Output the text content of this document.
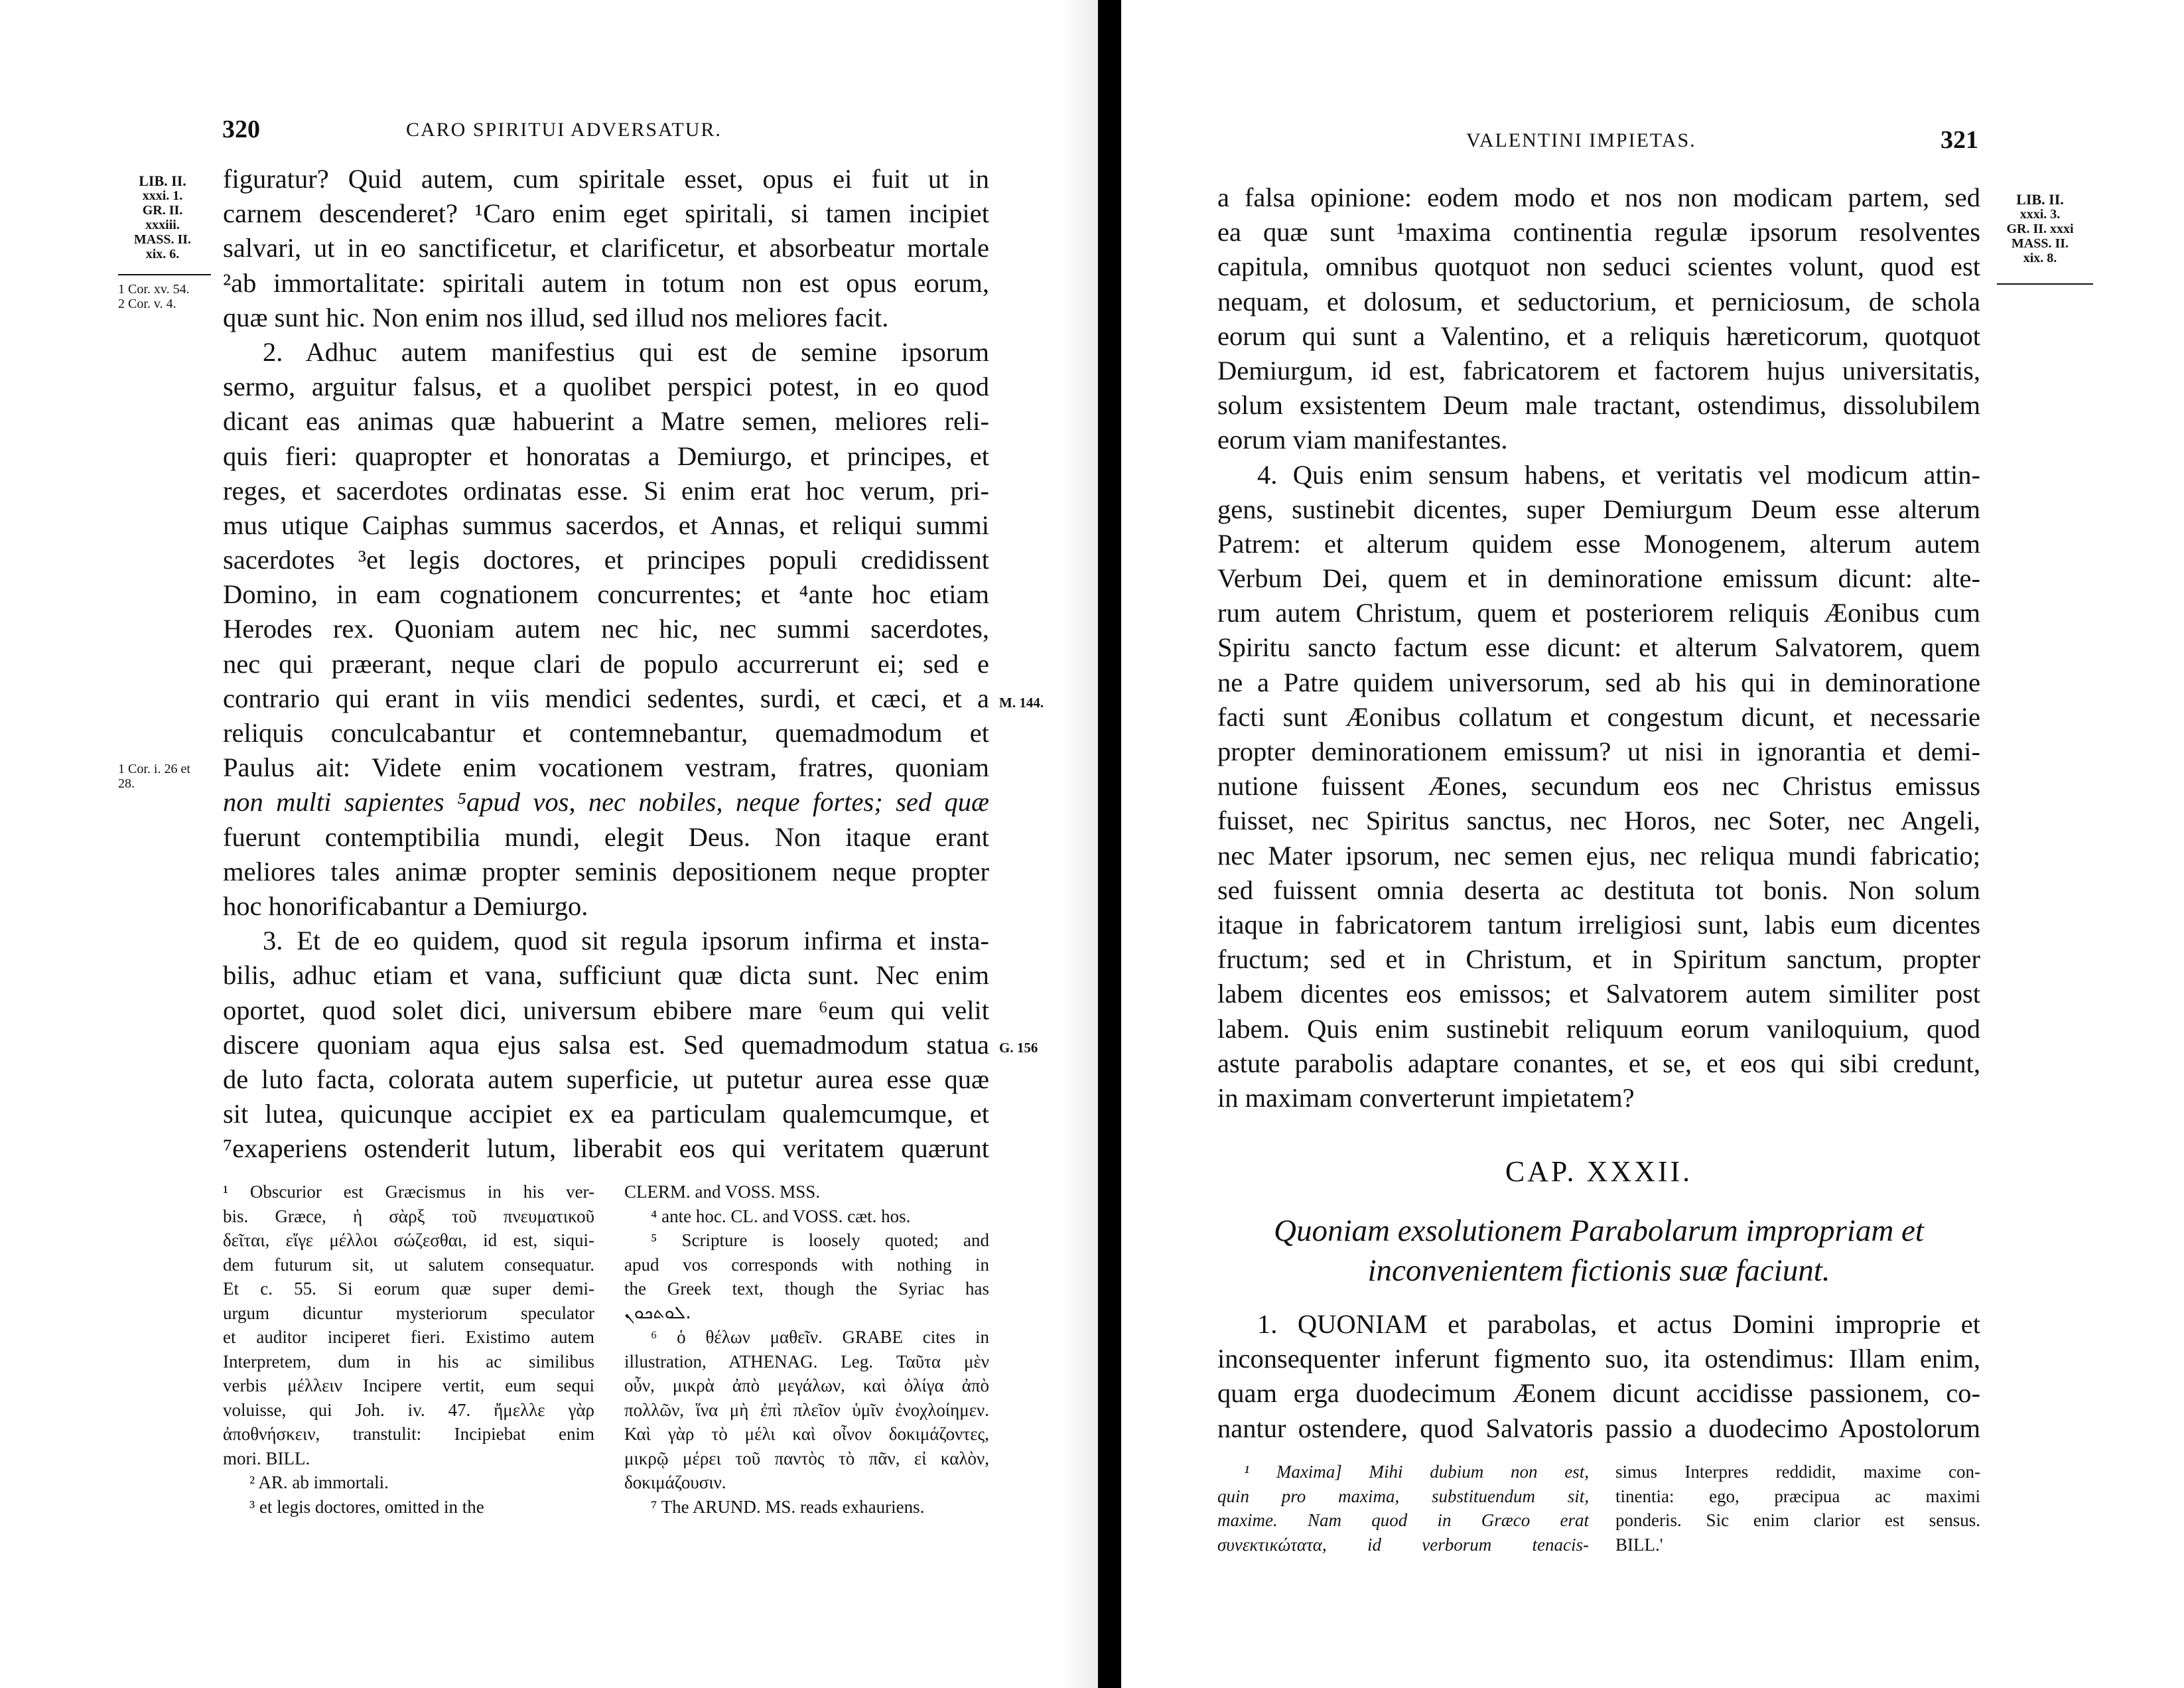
320	CARO SPIRITUI ADVERSATUR.
LIB. II.
xxxi. 1.
GR. II.
xxxiii.
MASS. II.
xix. 6.
1 Cor. xv. 54.
2 Cor. v. 4.
1 Cor. i. 26 et
28.
M. 144.
G. 156
figuratur? Quid autem, cum spiritale esset, opus ei fuit ut in
carnem descenderet? ¹Caro enim eget spiritali, si tamen incipiet
salvari, ut in eo sanctificetur, et clarificetur, et absorbeatur mortale
²ab immortalitate: spiritali autem in totum non est opus eorum,
quæ sunt hic. Non enim nos illud, sed illud nos meliores facit.
2. Adhuc autem manifestius qui est de semine ipsorum
sermo, arguitur falsus, et a quolibet perspici potest, in eo quod
dicant eas animas quæ habuerint a Matre semen, meliores reli-
quis fieri: quapropter et honoratas a Demiurgo, et principes, et
reges, et sacerdotes ordinatas esse. Si enim erat hoc verum, pri-
mus utique Caiphas summus sacerdos, et Annas, et reliqui summi
sacerdotes ³et legis doctores, et principes populi credidissent
Domino, in eam cognationem concurrentes; et ⁴ante hoc etiam
Herodes rex. Quoniam autem nec hic, nec summi sacerdotes,
nec qui præerant, neque clari de populo accurrerunt ei; sed e
contrario qui erant in viis mendici sedentes, surdi, et cæci, et a
reliquis conculcabantur et contemnebantur, quemadmodum et
Paulus ait: Videte enim vocationem vestram, fratres, quoniam
non multi sapientes ⁵apud vos, nec nobiles, neque fortes; sed quæ
fuerunt contemptibilia mundi, elegit Deus. Non itaque erant
meliores tales animæ propter seminis depositionem neque propter
hoc honorificabantur a Demiurgo.
3. Et de eo quidem, quod sit regula ipsorum infirma et insta-
bilis, adhuc etiam et vana, sufficiunt quæ dicta sunt. Nec enim
oportet, quod solet dici, universum ebibere mare ⁶eum qui velit
discere quoniam aqua ejus salsa est. Sed quemadmodum statua
de luto facta, colorata autem superficie, ut putetur aurea esse quæ
sit lutea, quicunque accipiet ex ea particulam qualemcumque, et
⁷exaperiens ostenderit lutum, liberabit eos qui veritatem quærunt
¹ Obscurior est Græcismus in his ver-
bis. Græce, ἡ σὰρξ τοῦ πνευματικοῦ
δεῖται, εἴγε μέλλοι σώζεσθαι, id est, siqui-
dem futurum sit, ut salutem consequatur.
Et c. 55. Si eorum quæ super demi-
urgum dicuntur mysteriorum speculator
et auditor inciperet fieri. Existimo autem
Interpretem, dum in his ac similibus
verbis μέλλειν Incipere vertit, eum sequi
voluisse, qui Joh. iv. 47. ἤμελλε γὰρ
ἀποθνήσκειν, transtulit: Incipiebat enim
mori. BILL.
² AR. ab immortali.
³ et legis doctores, omitted in the
CLERM. and VOSS. MSS.
⁴ ante hoc. CL. and VOSS. cæt. hos.
⁵ Scripture is loosely quoted; and
apud vos corresponds with nothing in
the Greek text, though the Syriac has
ܠܘܬܟܘܢ.
⁶ ὁ θέλων μαθεῖν. GRABE cites in
illustration, ATHENAG. Leg. Ταῦτα μὲν
οὖν, μικρὰ ἀπὸ μεγάλων, καὶ ὀλίγα ἀπὸ
πολλῶν, ἵνα μὴ ἐπὶ πλεῖον ὑμῖν ἐνοχλοίημεν.
Καὶ γὰρ τὸ μέλι καὶ οἶνον δοκιμάζοντες,
μικρῷ μέρει τοῦ παντὸς τὸ πᾶν, εἰ καλὸν,
δοκιμάζουσιν.
⁷ The ARUND. MS. reads exhauriens.
VALENTINI IMPIETAS.	321
LIB. II.
xxxi. 3.
GR. II. xxxi
MASS. II.
xix. 8.
a falsa opinione: eodem modo et nos non modicam partem, sed
ea quæ sunt ¹maxima continentia regulæ ipsorum resolventes
capitula, omnibus quotquot non seduci scientes volunt, quod est
nequam, et dolosum, et seductorium, et perniciosum, de schola
eorum qui sunt a Valentino, et a reliquis hæreticorum, quotquot
Demiurgum, id est, fabricatorem et factorem hujus universitatis,
solum exsistentem Deum male tractant, ostendimus, dissolubilem
eorum viam manifestantes.
4. Quis enim sensum habens, et veritatis vel modicum attin-
gens, sustinebit dicentes, super Demiurgum Deum esse alterum
Patrem: et alterum quidem esse Monogenem, alterum autem
Verbum Dei, quem et in deminoratione emissum dicunt: alte-
rum autem Christum, quem et posteriorem reliquis Æonibus cum
Spiritu sancto factum esse dicunt: et alterum Salvatorem, quem
ne a Patre quidem universorum, sed ab his qui in deminoratione
facti sunt Æonibus collatum et congestum dicunt, et necessarie
propter deminorationem emissum? ut nisi in ignorantia et demi-
nutione fuissent Æones, secundum eos nec Christus emissus
fuisset, nec Spiritus sanctus, nec Horos, nec Soter, nec Angeli,
nec Mater ipsorum, nec semen ejus, nec reliqua mundi fabricatio;
sed fuissent omnia deserta ac destituta tot bonis. Non solum
itaque in fabricatorem tantum irreligiosi sunt, labis eum dicentes
fructum; sed et in Christum, et in Spiritum sanctum, propter
labem dicentes eos emissos; et Salvatorem autem similiter post
labem. Quis enim sustinebit reliquum eorum vaniloquium, quod
astute parabolis adaptare conantes, et se, et eos qui sibi credunt,
in maximam converterunt impietatem?
CAP. XXXII.
Quoniam exsolutionem Parabolarum impropriam et
inconvenientem fictionis suæ faciunt.
1. QUONIAM et parabolas, et actus Domini improprie et
inconsequenter inferunt figmento suo, ita ostendimus: Illam enim,
quam erga duodecimum Æonem dicunt accidisse passionem, co-
nantur ostendere, quod Salvatoris passio a duodecimo Apostolorum
¹ Maxima] Mihi dubium non est,
quin pro maxima, substituendum sit,
maxime. Nam quod in Græco erat
συνεκτικώτατα, id verborum tenacis-
simus Interpres reddidit, maxime con-
tinentia: ego, præcipua ac maximi
ponderis. Sic enim clarior est sensus.
BILL.'
